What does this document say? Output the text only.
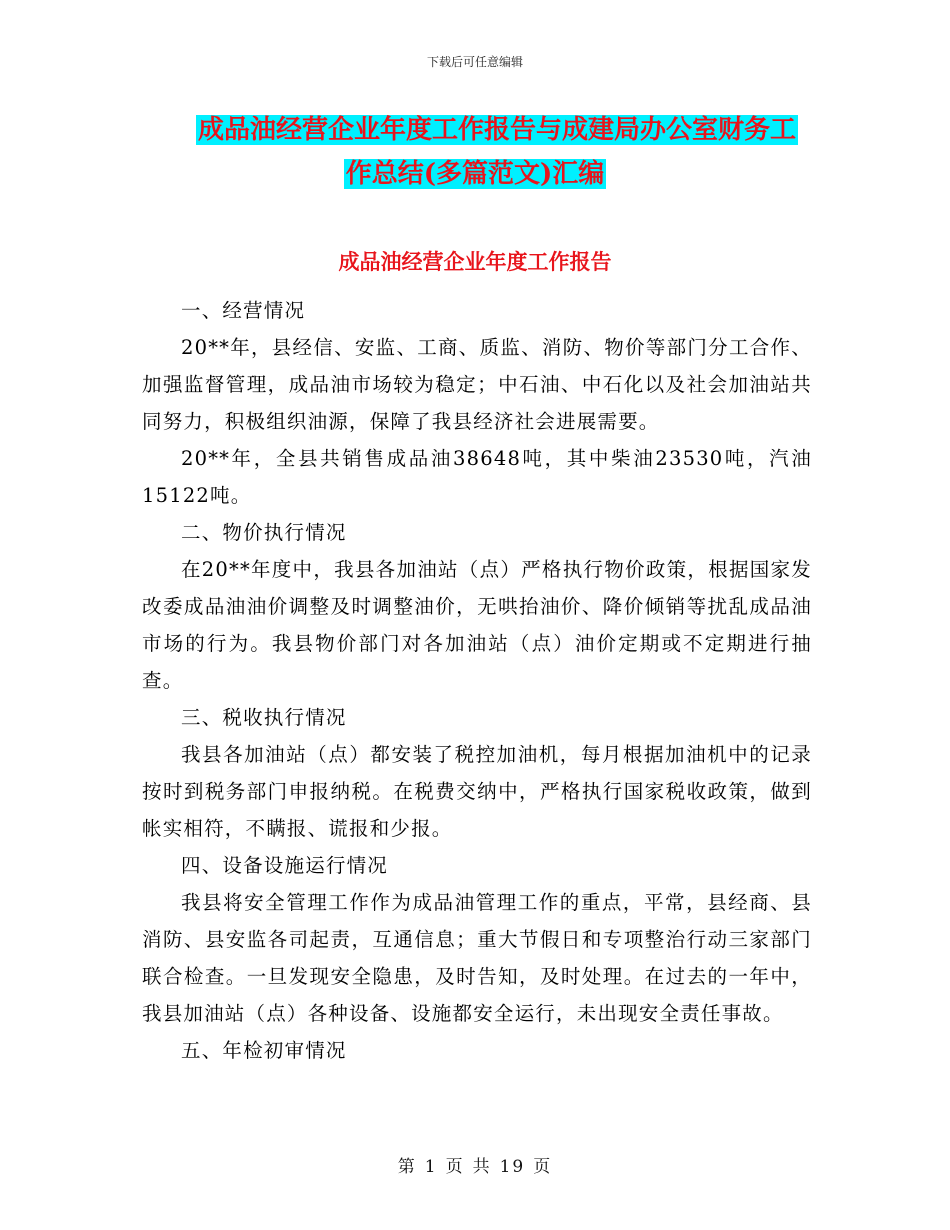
下载后可任意编辑
成品油经营企业年度工作报告与成建局办公室财务工
作总结(多篇范文)汇编
成品油经营企业年度工作报告

一、经营情况

20**年，县经信、安监、工商、质监、消防、物价等部门分工合作、加强监督管理，成品油市场较为稳定；中石油、中石化以及社会加油站共同努力，积极组织油源，保障了我县经济社会进展需要。

20**年，全县共销售成品油38648吨，其中柴油23530吨，汽油15122吨。

二、物价执行情况

在20**年度中，我县各加油站（点）严格执行物价政策，根据国家发改委成品油油价调整及时调整油价，无哄抬油价、降价倾销等扰乱成品油市场的行为。我县物价部门对各加油站（点）油价定期或不定期进行抽查。

三、税收执行情况

我县各加油站（点）都安装了税控加油机，每月根据加油机中的记录按时到税务部门申报纳税。在税费交纳中，严格执行国家税收政策，做到帐实相符，不瞒报、谎报和少报。

四、设备设施运行情况

我县将安全管理工作作为成品油管理工作的重点，平常，县经商、县消防、县安监各司起责，互通信息；重大节假日和专项整治行动三家部门联合检查。一旦发现安全隐患，及时告知，及时处理。在过去的一年中，我县加油站（点）各种设备、设施都安全运行，未出现安全责任事故。

五、年检初审情况

第 1 页 共 19 页
